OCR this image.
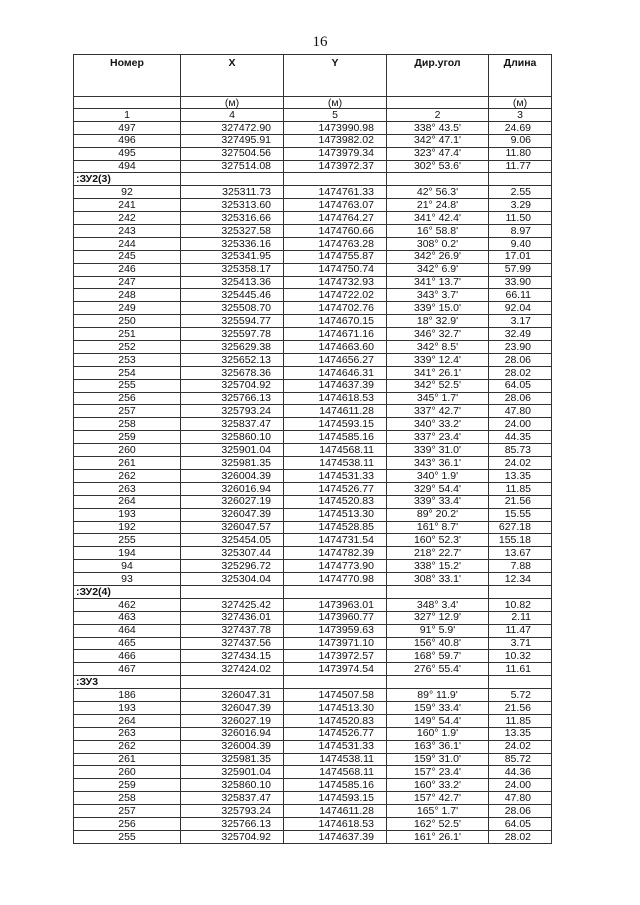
16
Номер	X	Y	Дир.угол	Длина
	(м)	(м)		(м)
1	4	5	2	3
497	327472.90	1473990.98	338° 43.5'	24.69
496	327495.91	1473982.02	342° 47.1'	9.06
495	327504.56	1473979.34	323° 47.4'	11.80
494	327514.08	1473972.37	302° 53.6'	11.77
:ЗУ2(3)				
92	325311.73	1474761.33	42° 56.3'	2.55
241	325313.60	1474763.07	21° 24.8'	3.29
242	325316.66	1474764.27	341° 42.4'	11.50
243	325327.58	1474760.66	16° 58.8'	8.97
244	325336.16	1474763.28	308° 0.2'	9.40
245	325341.95	1474755.87	342° 26.9'	17.01
246	325358.17	1474750.74	342° 6.9'	57.99
247	325413.36	1474732.93	341° 13.7'	33.90
248	325445.46	1474722.02	343° 3.7'	66.11
249	325508.70	1474702.76	339° 15.0'	92.04
250	325594.77	1474670.15	18° 32.9'	3.17
251	325597.78	1474671.16	346° 32.7'	32.49
252	325629.38	1474663.60	342° 8.5'	23.90
253	325652.13	1474656.27	339° 12.4'	28.06
254	325678.36	1474646.31	341° 26.1'	28.02
255	325704.92	1474637.39	342° 52.5'	64.05
256	325766.13	1474618.53	345° 1.7'	28.06
257	325793.24	1474611.28	337° 42.7'	47.80
258	325837.47	1474593.15	340° 33.2'	24.00
259	325860.10	1474585.16	337° 23.4'	44.35
260	325901.04	1474568.11	339° 31.0'	85.73
261	325981.35	1474538.11	343° 36.1'	24.02
262	326004.39	1474531.33	340° 1.9'	13.35
263	326016.94	1474526.77	329° 54.4'	11.85
264	326027.19	1474520.83	339° 33.4'	21.56
193	326047.39	1474513.30	89° 20.2'	15.55
192	326047.57	1474528.85	161° 8.7'	627.18
255	325454.05	1474731.54	160° 52.3'	155.18
194	325307.44	1474782.39	218° 22.7'	13.67
94	325296.72	1474773.90	338° 15.2'	7.88
93	325304.04	1474770.98	308° 33.1'	12.34
:ЗУ2(4)				
462	327425.42	1473963.01	348° 3.4'	10.82
463	327436.01	1473960.77	327° 12.9'	2.11
464	327437.78	1473959.63	91° 5.9'	11.47
465	327437.56	1473971.10	156° 40.8'	3.71
466	327434.15	1473972.57	168° 59.7'	10.32
467	327424.02	1473974.54	276° 55.4'	11.61
:ЗУ3				
186	326047.31	1474507.58	89° 11.9'	5.72
193	326047.39	1474513.30	159° 33.4'	21.56
264	326027.19	1474520.83	149° 54.4'	11.85
263	326016.94	1474526.77	160° 1.9'	13.35
262	326004.39	1474531.33	163° 36.1'	24.02
261	325981.35	1474538.11	159° 31.0'	85.72
260	325901.04	1474568.11	157° 23.4'	44.36
259	325860.10	1474585.16	160° 33.2'	24.00
258	325837.47	1474593.15	157° 42.7'	47.80
257	325793.24	1474611.28	165° 1.7'	28.06
256	325766.13	1474618.53	162° 52.5'	64.05
255	325704.92	1474637.39	161° 26.1'	28.02
